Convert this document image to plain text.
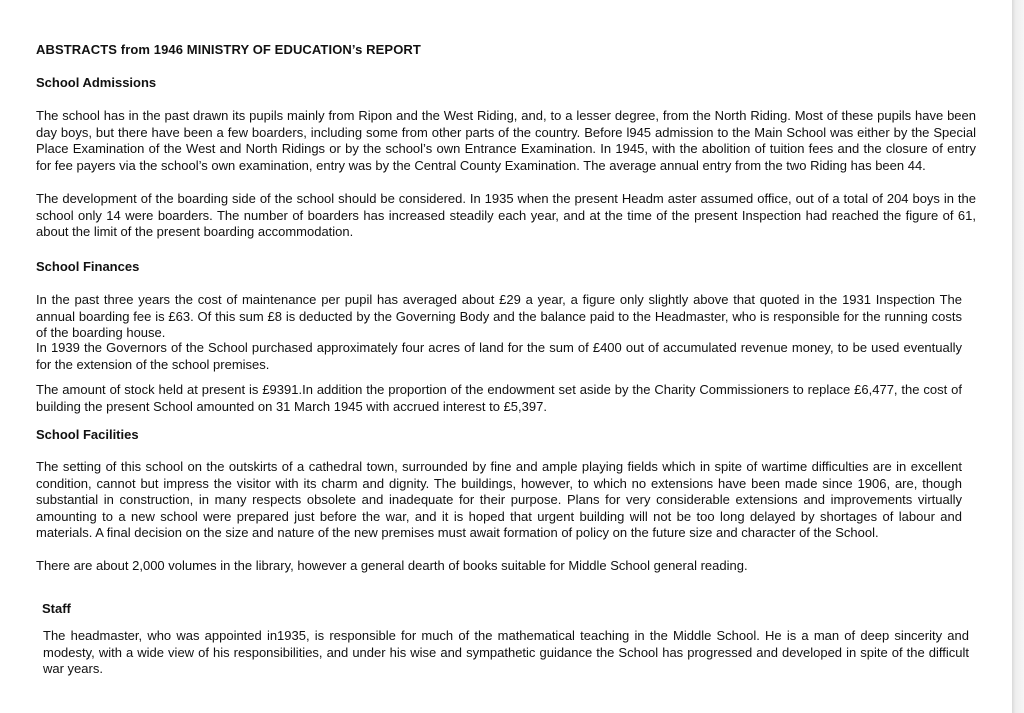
ABSTRACTS from 1946 MINISTRY OF EDUCATION’s REPORT
School Admissions
The school has in the past drawn its pupils mainly from Ripon and the West Riding, and, to a lesser degree, from the North Riding. Most of these pupils have been day boys, but there have been a few boarders, including some from other parts of the country. Before l945 admission to the Main School was either by the Special Place Examination of the West and North Ridings or by the school’s own Entrance Examination. In 1945, with the abolition of tuition fees and the closure of entry for fee payers via the school’s own examination, entry was by the Central County Examination. The average annual entry from the two Riding has been 44.
The development of the boarding side of the school should be considered. In 1935 when the present Headm aster assumed office, out of a total of 204 boys in the school only 14 were boarders. The number of boarders has increased steadily each year, and at the time of the present Inspection had reached the figure of 61, about the limit of the present boarding accommodation.
School Finances
In the past three years the cost of maintenance per pupil has averaged about £29 a year, a figure only slightly above that quoted in the 1931 Inspection The annual boarding fee is £63. Of this sum £8 is deducted by the Governing Body and the balance paid to the Headmaster, who is responsible for the running costs of the boarding house.
In 1939 the Governors of the School purchased approximately four acres of land for the sum of £400 out of accumulated revenue money, to be used eventually for the extension of the school premises.
The amount of stock held at present is £9391.In addition the proportion of the endowment set aside by the Charity Commissioners to replace £6,477, the cost of building the present School amounted on 31 March 1945 with accrued interest to £5,397.
School Facilities
The setting of this school on the outskirts of a cathedral town, surrounded by fine and ample playing fields which in spite of wartime difficulties are in excellent condition, cannot but impress the visitor with its charm and dignity. The buildings, however, to which no extensions have been made since 1906, are, though substantial in construction, in many respects obsolete and inadequate for their purpose. Plans for very considerable extensions and improvements virtually amounting to a new school were prepared just before the war, and it is hoped that urgent building will not be too long delayed by shortages of labour and materials. A final decision on the size and nature of the new premises must await formation of policy on the future size and character of the School.
There are about 2,000 volumes in the library, however a general dearth of books suitable for Middle School general reading.
Staff
The headmaster, who was appointed in1935, is responsible for much of the mathematical teaching in the Middle School. He is a man of deep sincerity and modesty, with a wide view of his responsibilities, and under his wise and sympathetic guidance the School has progressed and developed in spite of the difficult war years.
